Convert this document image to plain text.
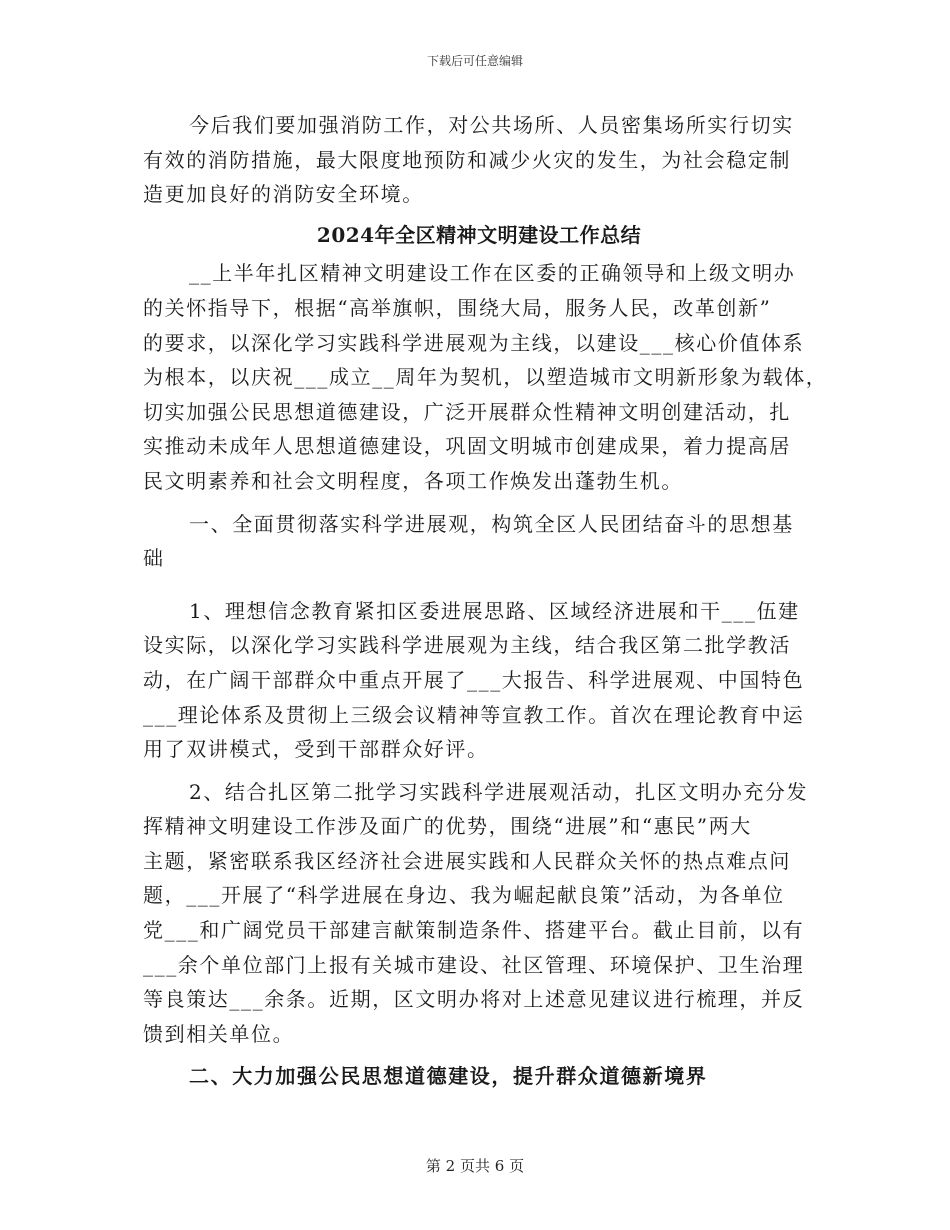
下载后可任意编辑
今后我们要加强消防工作，对公共场所、人员密集场所实行切实
有效的消防措施，最大限度地预防和减少火灾的发生，为社会稳定制
造更加良好的消防安全环境。
2024年全区精神文明建设工作总结
__上半年扎区精神文明建设工作在区委的正确领导和上级文明办
的关怀指导下，根据“高举旗帜，围绕大局，服务人民，改革创新”
的要求，以深化学习实践科学进展观为主线，以建设___核心价值体系
为根本，以庆祝___成立__周年为契机，以塑造城市文明新形象为载体，
切实加强公民思想道德建设，广泛开展群众性精神文明创建活动，扎
实推动未成年人思想道德建设，巩固文明城市创建成果，着力提高居
民文明素养和社会文明程度，各项工作焕发出蓬勃生机。
一、全面贯彻落实科学进展观，构筑全区人民团结奋斗的思想基
础
1、理想信念教育紧扣区委进展思路、区域经济进展和干___伍建
设实际，以深化学习实践科学进展观为主线，结合我区第二批学教活
动，在广阔干部群众中重点开展了___大报告、科学进展观、中国特色
___理论体系及贯彻上三级会议精神等宣教工作。首次在理论教育中运
用了双讲模式，受到干部群众好评。
2、结合扎区第二批学习实践科学进展观活动，扎区文明办充分发
挥精神文明建设工作涉及面广的优势，围绕“进展”和“惠民”两大
主题，紧密联系我区经济社会进展实践和人民群众关怀的热点难点问
题，___开展了“科学进展在身边、我为崛起献良策”活动，为各单位
党___和广阔党员干部建言献策制造条件、搭建平台。截止目前，以有
___余个单位部门上报有关城市建设、社区管理、环境保护、卫生治理
等良策达___余条。近期，区文明办将对上述意见建议进行梳理，并反
馈到相关单位。
二、大力加强公民思想道德建设，提升群众道德新境界
第 2 页共 6 页
